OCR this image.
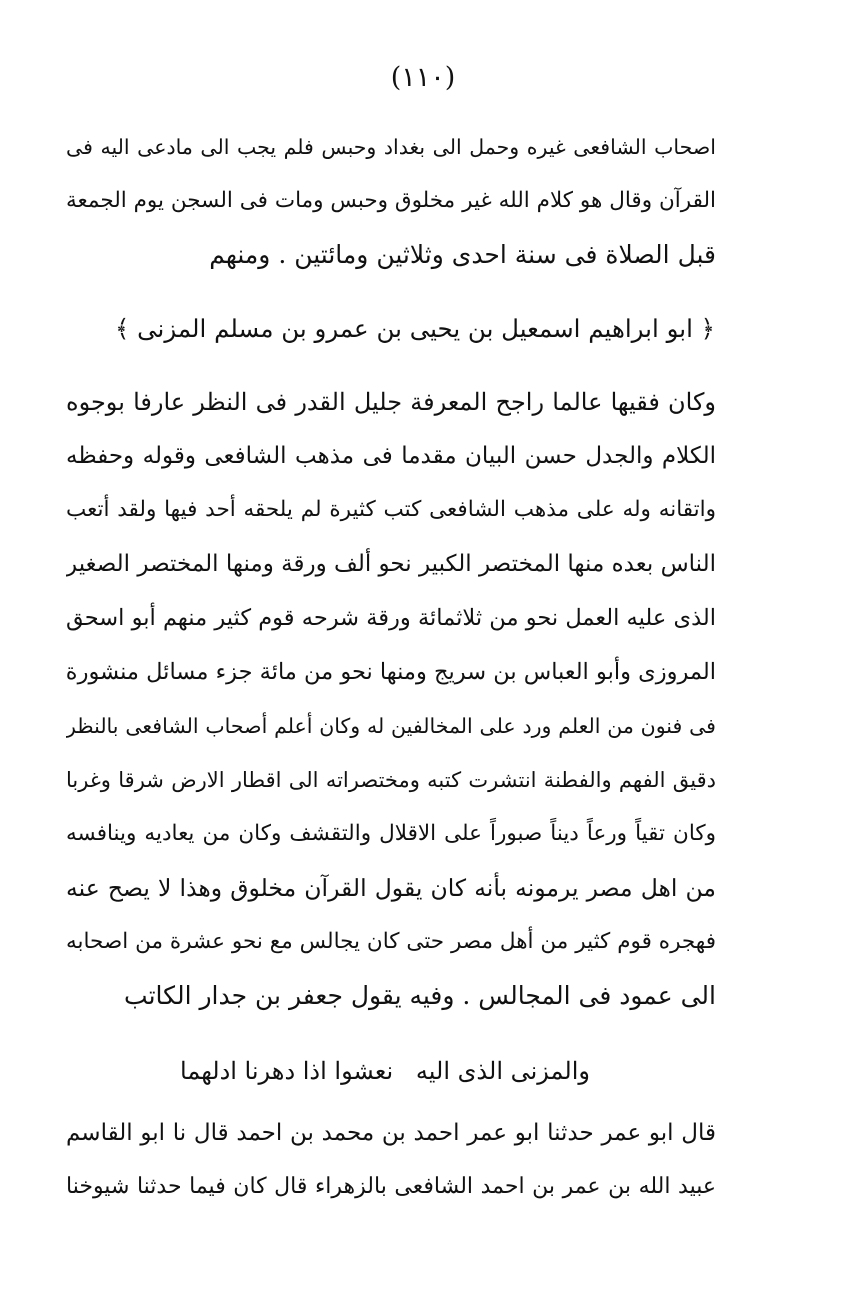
(١١٠)
اصحاب الشافعى غيره وحمل الى بغداد وحبس فلم يجب الى مادعى اليه فى
القرآن وقال هو كلام الله غير مخلوق وحبس ومات فى السجن يوم الجمعة
قبل الصلاة فى سنة احدى وثلاثين ومائتين . ومنهم
﴿ ابو ابراهيم اسمعيل بن يحيى بن عمرو بن مسلم المزنى ﴾
وكان فقيها عالما راجح المعرفة جليل القدر فى النظر عارفا بوجوه
الكلام والجدل حسن البيان مقدما فى مذهب الشافعى وقوله وحفظه
واتقانه وله على مذهب الشافعى كتب كثيرة لم يلحقه أحد فيها ولقد أتعب
الناس بعده منها المختصر الكبير نحو ألف ورقة ومنها المختصر الصغير
الذى عليه العمل نحو من ثلاثمائة ورقة شرحه قوم كثير منهم أبو اسحق
المروزى وأبو العباس بن سريج ومنها نحو من مائة جزء مسائل منشورة
فى فنون من العلم ورد على المخالفين له وكان أعلم أصحاب الشافعى بالنظر
دقيق الفهم والفطنة انتشرت كتبه ومختصراته الى اقطار الارض شرقا وغربا
وكان تقياً ورعاً ديناً صبوراً على الاقلال والتقشف وكان من يعاديه وينافسه
من اهل مصر يرمونه بأنه كان يقول القرآن مخلوق وهذا لا يصح عنه
فهجره قوم كثير من أهل مصر حتى كان يجالس مع نحو عشرة من اصحابه
الى عمود فى المجالس . وفيه يقول جعفر بن جدار الكاتب
والمزنى الذى اليه
نعشوا اذا دهرنا ادلهما
قال ابو عمر حدثنا ابو عمر احمد بن محمد بن احمد قال نا ابو القاسم
عبيد الله بن عمر بن احمد الشافعى بالزهراء قال كان فيما حدثنا شيوخنا
